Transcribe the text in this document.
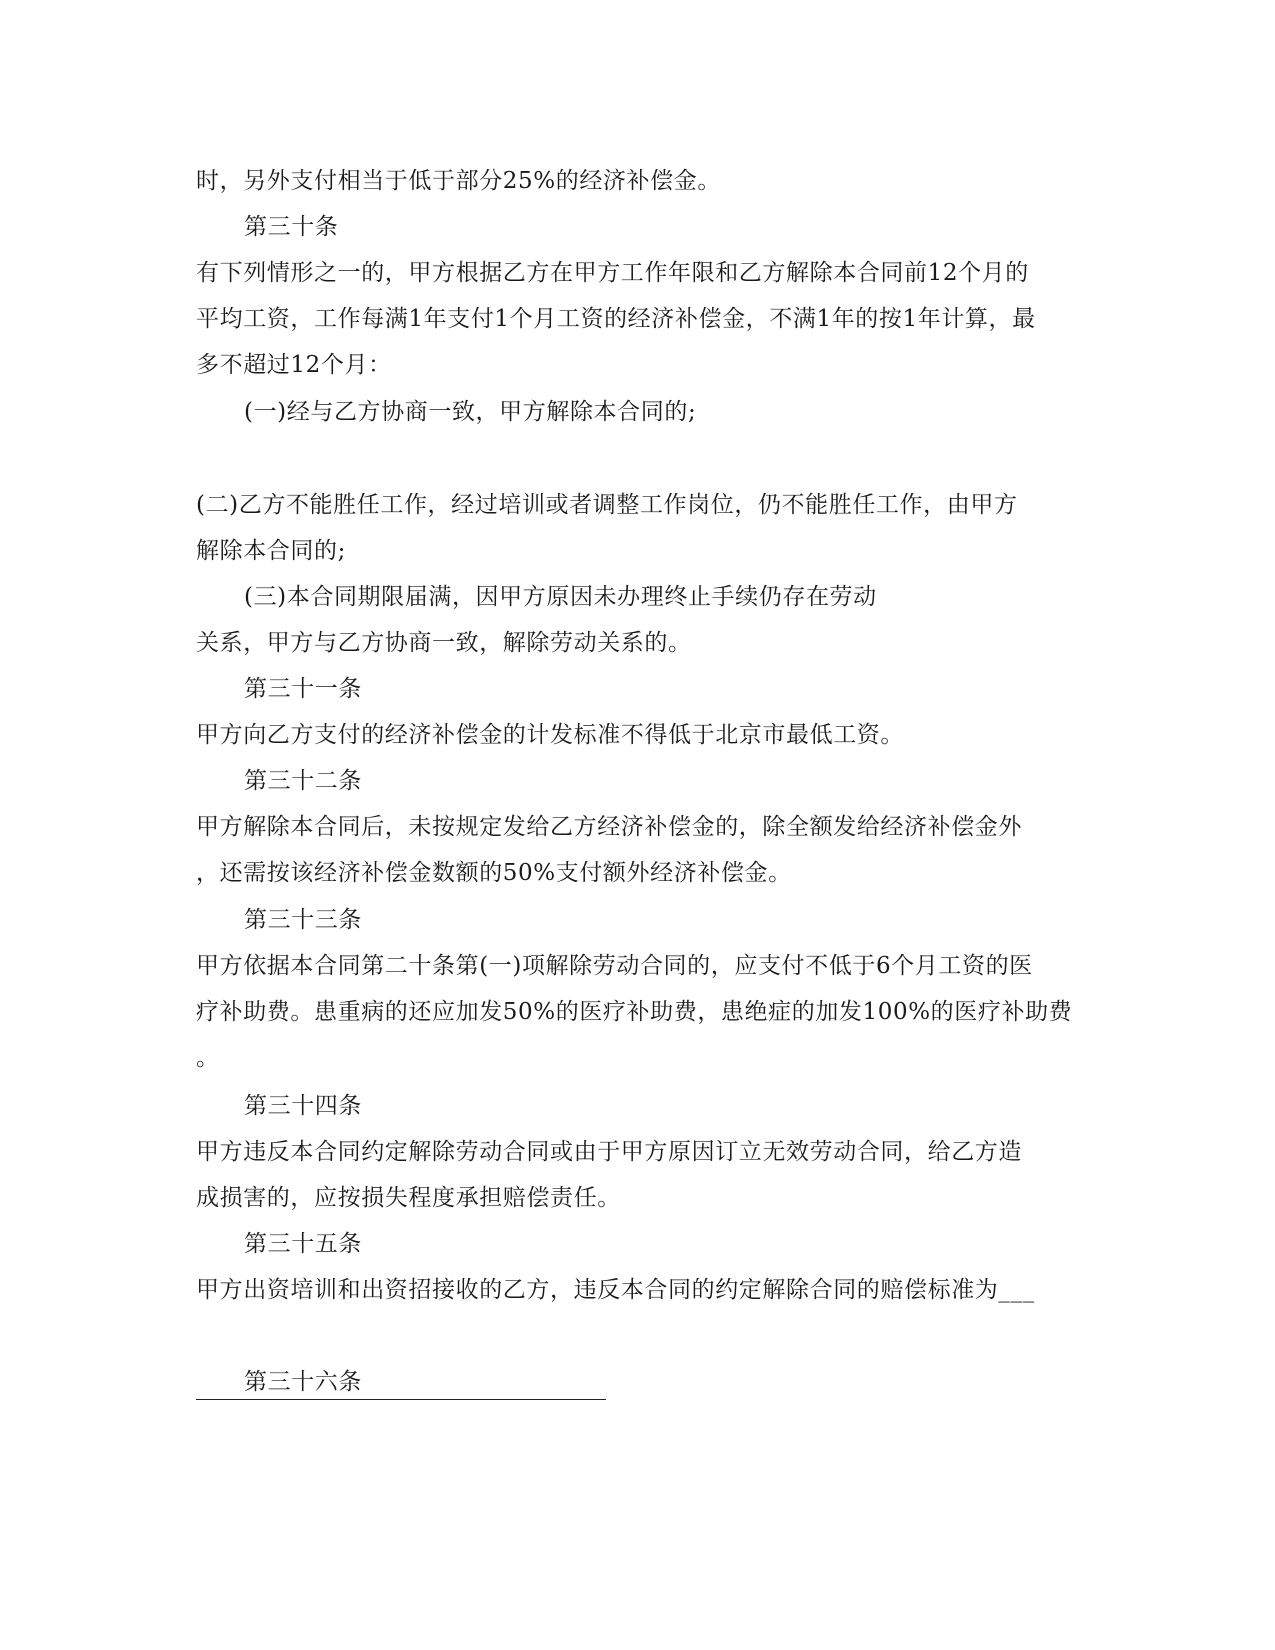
时，另外支付相当于低于部分25%的经济补偿金。

第三十条

有下列情形之一的，甲方根据乙方在甲方工作年限和乙方解除本合同前12个月的

平均工资，工作每满1年支付1个月工资的经济补偿金，不满1年的按1年计算，最

多不超过12个月：

(一)经与乙方协商一致，甲方解除本合同的;

(二)乙方不能胜任工作，经过培训或者调整工作岗位，仍不能胜任工作，由甲方

解除本合同的;

(三)本合同期限届满，因甲方原因未办理终止手续仍存在劳动

关系，甲方与乙方协商一致，解除劳动关系的。

第三十一条

甲方向乙方支付的经济补偿金的计发标准不得低于北京市最低工资。

第三十二条

甲方解除本合同后，未按规定发给乙方经济补偿金的，除全额发给经济补偿金外

，还需按该经济补偿金数额的50%支付额外经济补偿金。

第三十三条

甲方依据本合同第二十条第(一)项解除劳动合同的，应支付不低于6个月工资的医

疗补助费。患重病的还应加发50%的医疗补助费，患绝症的加发100%的医疗补助费

。

第三十四条

甲方违反本合同约定解除劳动合同或由于甲方原因订立无效劳动合同，给乙方造

成损害的，应按损失程度承担赔偿责任。

第三十五条

甲方出资培训和出资招接收的乙方，违反本合同的约定解除合同的赔偿标准为___

第三十六条
